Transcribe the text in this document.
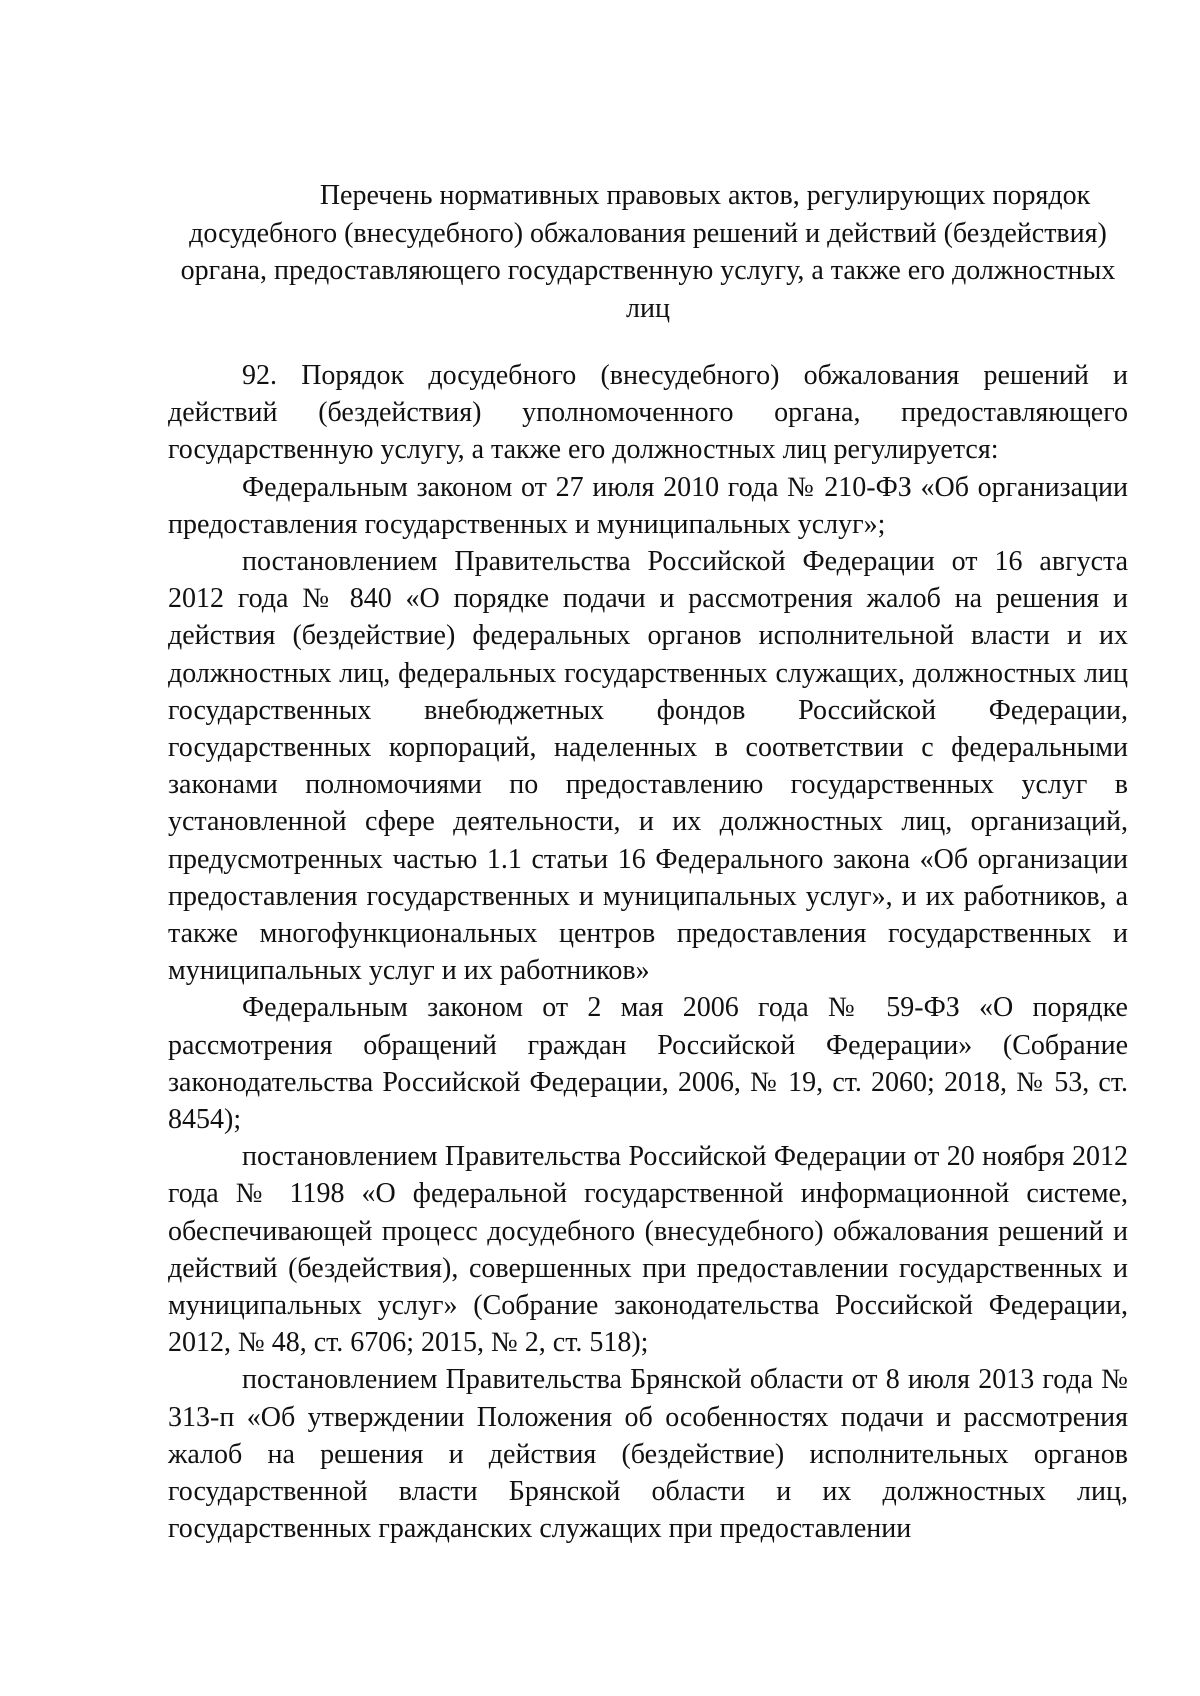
Перечень нормативных правовых актов, регулирующих порядок досудебного (внесудебного) обжалования решений и действий (бездействия) органа, предоставляющего государственную услугу, а также его должностных лиц

92. Порядок досудебного (внесудебного) обжалования решений и действий (бездействия) уполномоченного органа, предоставляющего государственную услугу, а также его должностных лиц регулируется:

Федеральным законом от 27 июля 2010 года № 210-ФЗ «Об организации предоставления государственных и муниципальных услуг»;

постановлением Правительства Российской Федерации от 16 августа 2012 года № 840 «О порядке подачи и рассмотрения жалоб на решения и действия (бездействие) федеральных органов исполнительной власти и их должностных лиц, федеральных государственных служащих, должностных лиц государственных внебюджетных фондов Российской Федерации, государственных корпораций, наделенных в соответствии с федеральными законами полномочиями по предоставлению государственных услуг в установленной сфере деятельности, и их должностных лиц, организаций, предусмотренных частью 1.1 статьи 16 Федерального закона «Об организации предоставления государственных и муниципальных услуг», и их работников, а также многофункциональных центров предоставления государственных и муниципальных услуг и их работников»

Федеральным законом от 2 мая 2006 года № 59-ФЗ «О порядке рассмотрения обращений граждан Российской Федерации» (Собрание законодательства Российской Федерации, 2006, № 19, ст. 2060; 2018, № 53, ст. 8454);

постановлением Правительства Российской Федерации от 20 ноября 2012 года № 1198 «О федеральной государственной информационной системе, обеспечивающей процесс досудебного (внесудебного) обжалования решений и действий (бездействия), совершенных при предоставлении государственных и муниципальных услуг» (Собрание законодательства Российской Федерации, 2012, № 48, ст. 6706; 2015, № 2, ст. 518);

постановлением Правительства Брянской области от 8 июля 2013 года № 313-п «Об утверждении Положения об особенностях подачи и рассмотрения жалоб на решения и действия (бездействие) исполнительных органов государственной власти Брянской области и их должностных лиц, государственных гражданских служащих при предоставлении
